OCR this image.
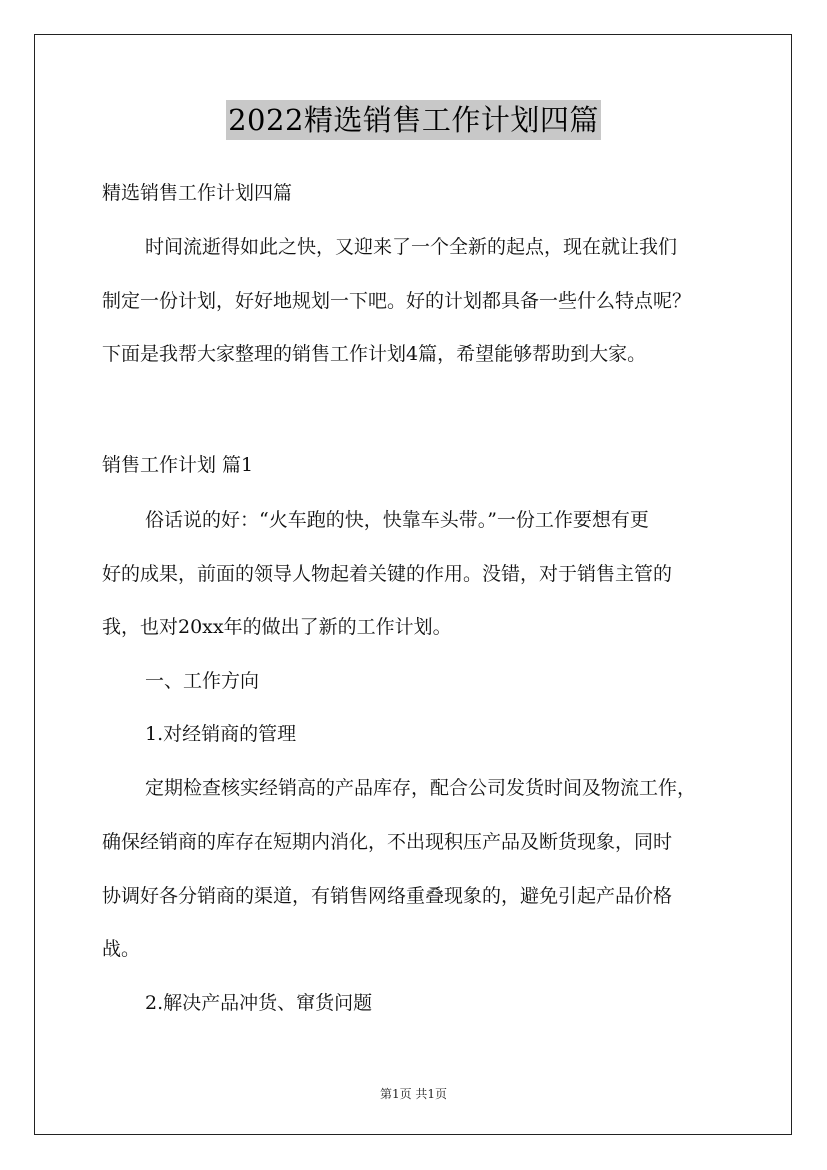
2022精选销售工作计划四篇
精选销售工作计划四篇
时间流逝得如此之快，又迎来了一个全新的起点，现在就让我们
制定一份计划，好好地规划一下吧。好的计划都具备一些什么特点呢？
下面是我帮大家整理的销售工作计划4篇，希望能够帮助到大家。
销售工作计划 篇1
俗话说的好：“火车跑的快，快靠车头带。”一份工作要想有更
好的成果，前面的领导人物起着关键的作用。没错，对于销售主管的
我，也对20xx年的做出了新的工作计划。
一、工作方向
1.对经销商的管理
定期检查核实经销高的产品库存，配合公司发货时间及物流工作，
确保经销商的库存在短期内消化，不出现积压产品及断货现象，同时
协调好各分销商的渠道，有销售网络重叠现象的，避免引起产品价格
战。
2.解决产品冲货、窜货问题
第1页 共1页
